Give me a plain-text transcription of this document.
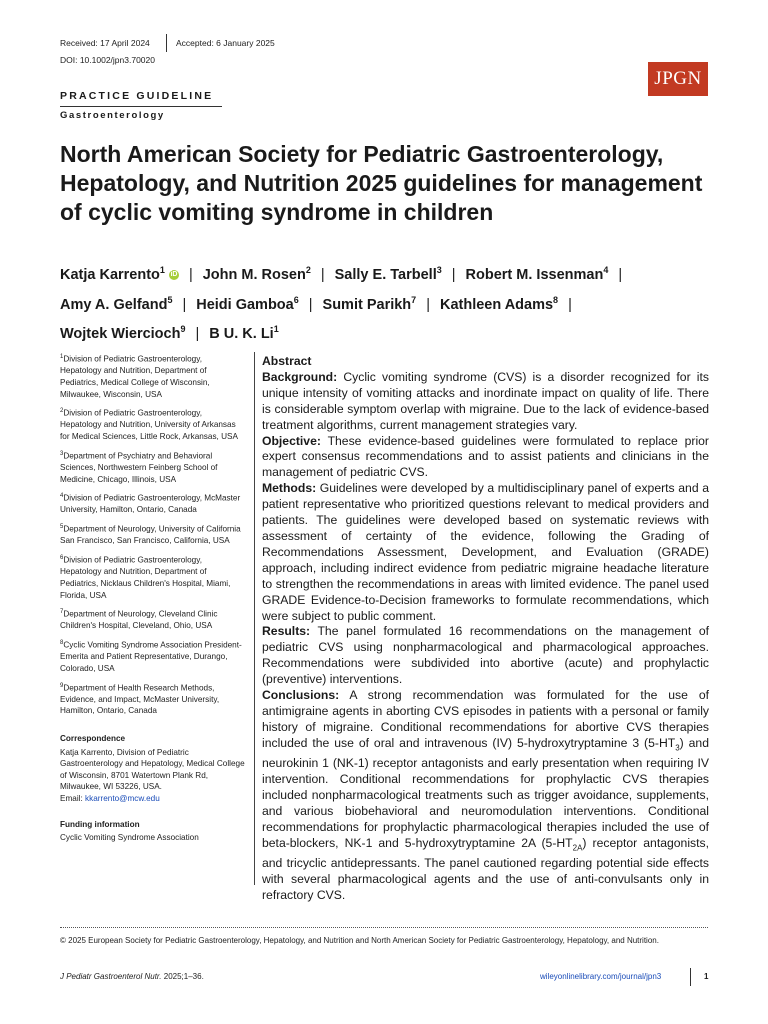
Received: 17 April 2024	Accepted: 6 January 2025
DOI: 10.1002/jpn3.70020
JPGN
PRACTICE GUIDELINE
Gastroenterology
North American Society for Pediatric Gastroenterology, Hepatology, and Nutrition 2025 guidelines for management of cyclic vomiting syndrome in children
Katja Karrento$^1$ iD | John M. Rosen$^2$ | Sally E. Tarbell$^3$ | Robert M. Issenman$^4$ |
Amy A. Gelfand$^5$ | Heidi Gamboa$^6$ | Sumit Parikh$^7$ | Kathleen Adams$^8$ |
Wojtek Wiercioch$^9$ | B U. K. Li$^1$
$^1$Division of Pediatric Gastroenterology, Hepatology and Nutrition, Department of Pediatrics, Medical College of Wisconsin, Milwaukee, Wisconsin, USA
$^2$Division of Pediatric Gastroenterology, Hepatology and Nutrition, University of Arkansas for Medical Sciences, Little Rock, Arkansas, USA
$^3$Department of Psychiatry and Behavioral Sciences, Northwestern Feinberg School of Medicine, Chicago, Illinois, USA
$^4$Division of Pediatric Gastroenterology, McMaster University, Hamilton, Ontario, Canada
$^5$Department of Neurology, University of California San Francisco, San Francisco, California, USA
$^6$Division of Pediatric Gastroenterology, Hepatology and Nutrition, Department of Pediatrics, Nicklaus Children's Hospital, Miami, Florida, USA
$^7$Department of Neurology, Cleveland Clinic Children's Hospital, Cleveland, Ohio, USA
$^8$Cyclic Vomiting Syndrome Association President-Emerita and Patient Representative, Durango, Colorado, USA
$^9$Department of Health Research Methods, Evidence, and Impact, McMaster University, Hamilton, Ontario, Canada
Correspondence
Katja Karrento, Division of Pediatric Gastroenterology and Hepatology, Medical College of Wisconsin, 8701 Watertown Plank Rd, Milwaukee, WI 53226, USA.
Email: kkarrento@mcw.edu
Funding information
Cyclic Vomiting Syndrome Association
Abstract

Background: Cyclic vomiting syndrome (CVS) is a disorder recognized for its unique intensity of vomiting attacks and inordinate impact on quality of life. There is considerable symptom overlap with migraine. Due to the lack of evidence-based treatment algorithms, current management strategies vary.

Objective: These evidence-based guidelines were formulated to replace prior expert consensus recommendations and to assist patients and clinicians in the management of pediatric CVS.

Methods: Guidelines were developed by a multidisciplinary panel of experts and a patient representative who prioritized questions relevant to medical providers and patients. The guidelines were developed based on systematic reviews with assessment of certainty of the evidence, following the Grading of Recommendations Assessment, Development, and Evaluation (GRADE) approach, including indirect evidence from pediatric migraine headache literature to strengthen the recommendations in areas with limited evidence. The panel used GRADE Evidence-to-Decision frameworks to formulate recommendations, which were subject to public comment.

Results: The panel formulated 16 recommendations on the management of pediatric CVS using nonpharmacological and pharmacological approaches. Recommendations were subdivided into abortive (acute) and prophylactic (preventive) interventions.

Conclusions: A strong recommendation was formulated for the use of antimigraine agents in aborting CVS episodes in patients with a personal or family history of migraine. Conditional recommendations for abortive CVS therapies included the use of oral and intravenous (IV) 5-hydroxytryptamine 3 $(5-HT_3)$ and neurokinin 1 (NK-1) receptor antagonists and early presentation when requiring IV intervention. Conditional recommendations for prophylactic CVS therapies included nonpharmacological treatments such as trigger avoidance, supplements, and various biobehavioral and neuromodulation interventions. Conditional recommendations for prophylactic pharmacological therapies included the use of beta-blockers, NK-1 and 5-hydroxytryptamine 2A $(5-HT_{2A})$ receptor antagonists, and tricyclic antidepressants. The panel cautioned regarding potential side effects with several pharmacological agents and the use of anti-convulsants only in refractory CVS.

© 2025 European Society for Pediatric Gastroenterology, Hepatology, and Nutrition and North American Society for Pediatric Gastroenterology, Hepatology, and Nutrition.
J Pediatr Gastroenterol Nutr. 2025;1–36.	wileyonlinelibrary.com/journal/jpn3	1
